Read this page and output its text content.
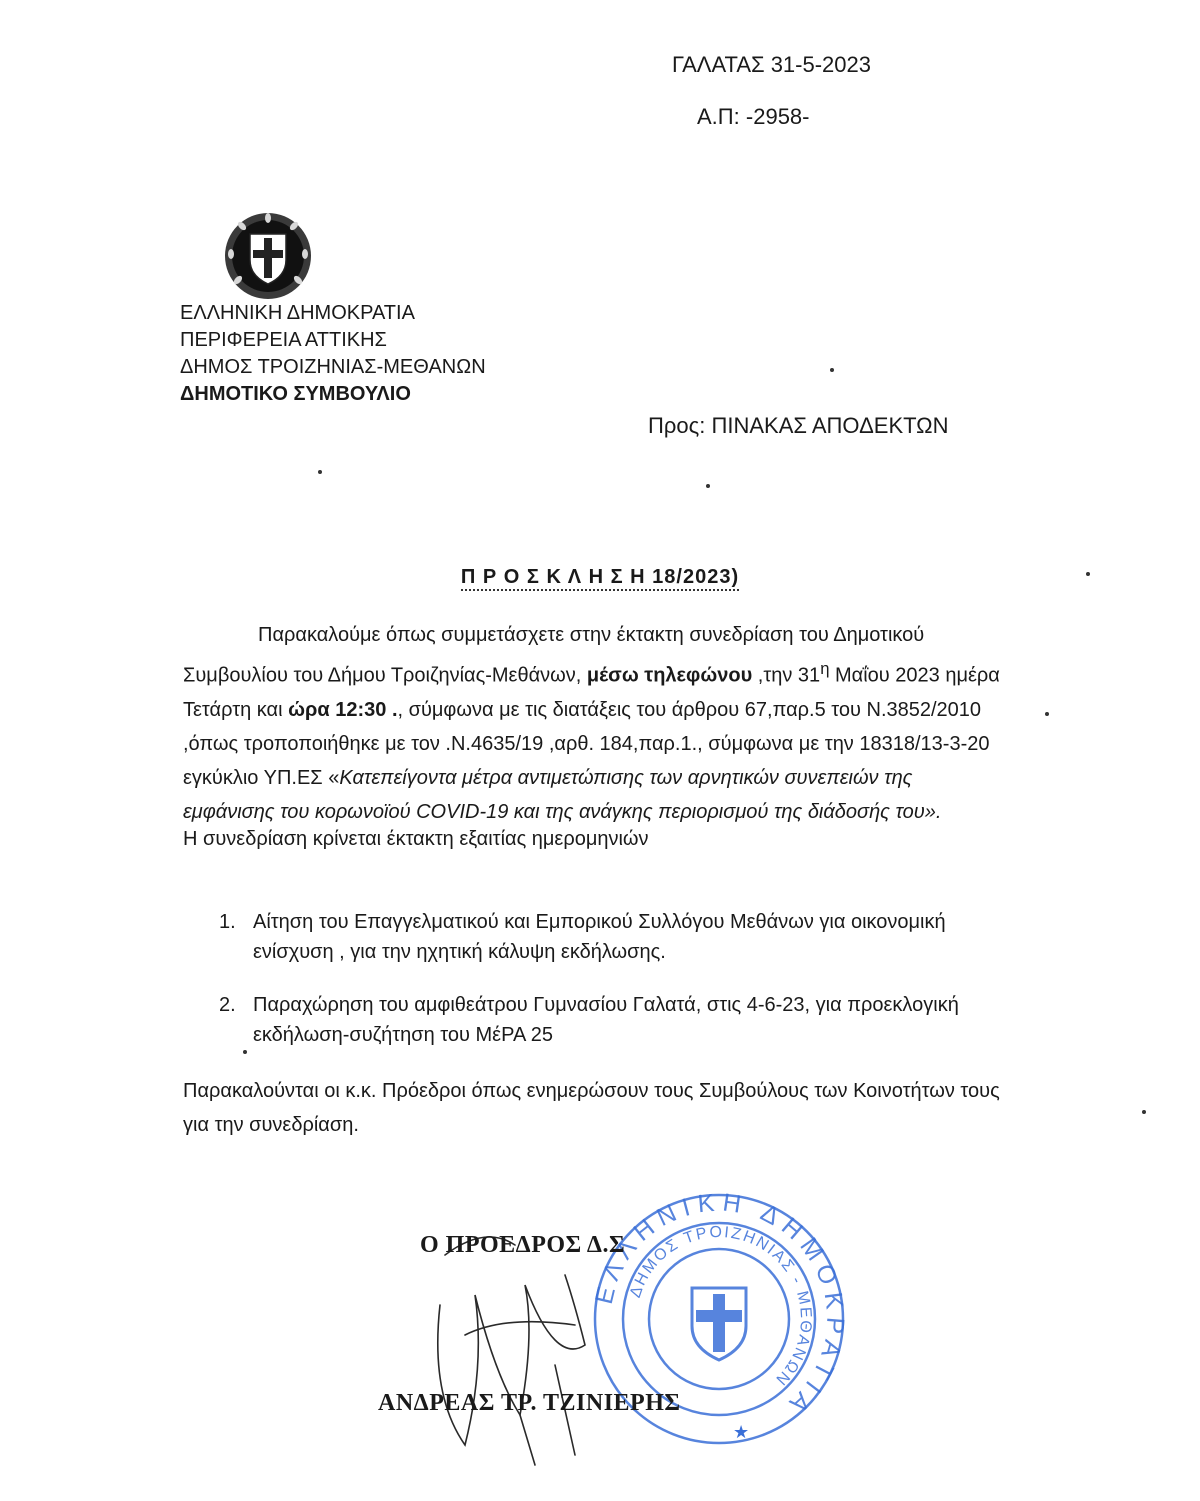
ΓΑΛΑΤΑΣ 31-5-2023
Α.Π: -2958-
ΕΛΛΗΝΙΚΗ ΔΗΜΟΚΡΑΤΙΑ
ΠΕΡΙΦΕΡΕΙΑ ΑΤΤΙΚΗΣ
ΔΗΜΟΣ ΤΡΟΙΖΗΝΙΑΣ-ΜΕΘΑΝΩΝ
ΔΗΜΟΤΙΚΟ ΣΥΜΒΟΥΛΙΟ
Προς: ΠΙΝΑΚΑΣ ΑΠΟΔΕΚΤΩΝ
Π Ρ Ο Σ Κ Λ Η Σ Η 18/2023)
Παρακαλούμε όπως συμμετάσχετε στην έκτακτη συνεδρίαση του Δημοτικού Συμβουλίου του Δήμου Τροιζηνίας-Μεθάνων, μέσω τηλεφώνου ,την $31^\eta$ Μαΐου 2023 ημέρα Τετάρτη και ώρα 12:30 ., σύμφωνα με τις διατάξεις του άρθρου 67,παρ.5 του Ν.3852/2010 ,όπως τροποποιήθηκε με τον .Ν.4635/19 ,αρθ. 184,παρ.1., σύμφωνα με την 18318/13-3-20 εγκύκλιο ΥΠ.ΕΣ «Κατεπείγοντα μέτρα αντιμετώπισης των αρνητικών συνεπειών της εμφάνισης του κορωνοϊού COVID-19 και της ανάγκης περιορισμού της διάδοσής του».
Η συνεδρίαση κρίνεται έκτακτη εξαιτίας ημερομηνιών
1. Αίτηση του Επαγγελματικού και Εμπορικού Συλλόγου Μεθάνων για οικονομική ενίσχυση , για την ηχητική κάλυψη εκδήλωσης.
2. Παραχώρηση του αμφιθεάτρου Γυμνασίου Γαλατά, στις 4-6-23, για προεκλογική εκδήλωση-συζήτηση του ΜέΡΑ 25
Παρακαλούνται οι κ.κ. Πρόεδροι όπως ενημερώσουν τους Συμβούλους των Κοινοτήτων τους για την συνεδρίαση.
ΕΛΛΗΝΙΚΗ ΔΗΜΟΚΡΑΤΙΑ
ΔΗΜΟΣ ΤΡΟΙΖΗΝΙΑΣ - ΜΕΘΑΝΩΝ
★
Ο ΠΡΟΕΔΡΟΣ Δ.Σ
ΑΝΔΡΕΑΣ ΤΡ. ΤΖΙΝΙΕΡΗΣ
